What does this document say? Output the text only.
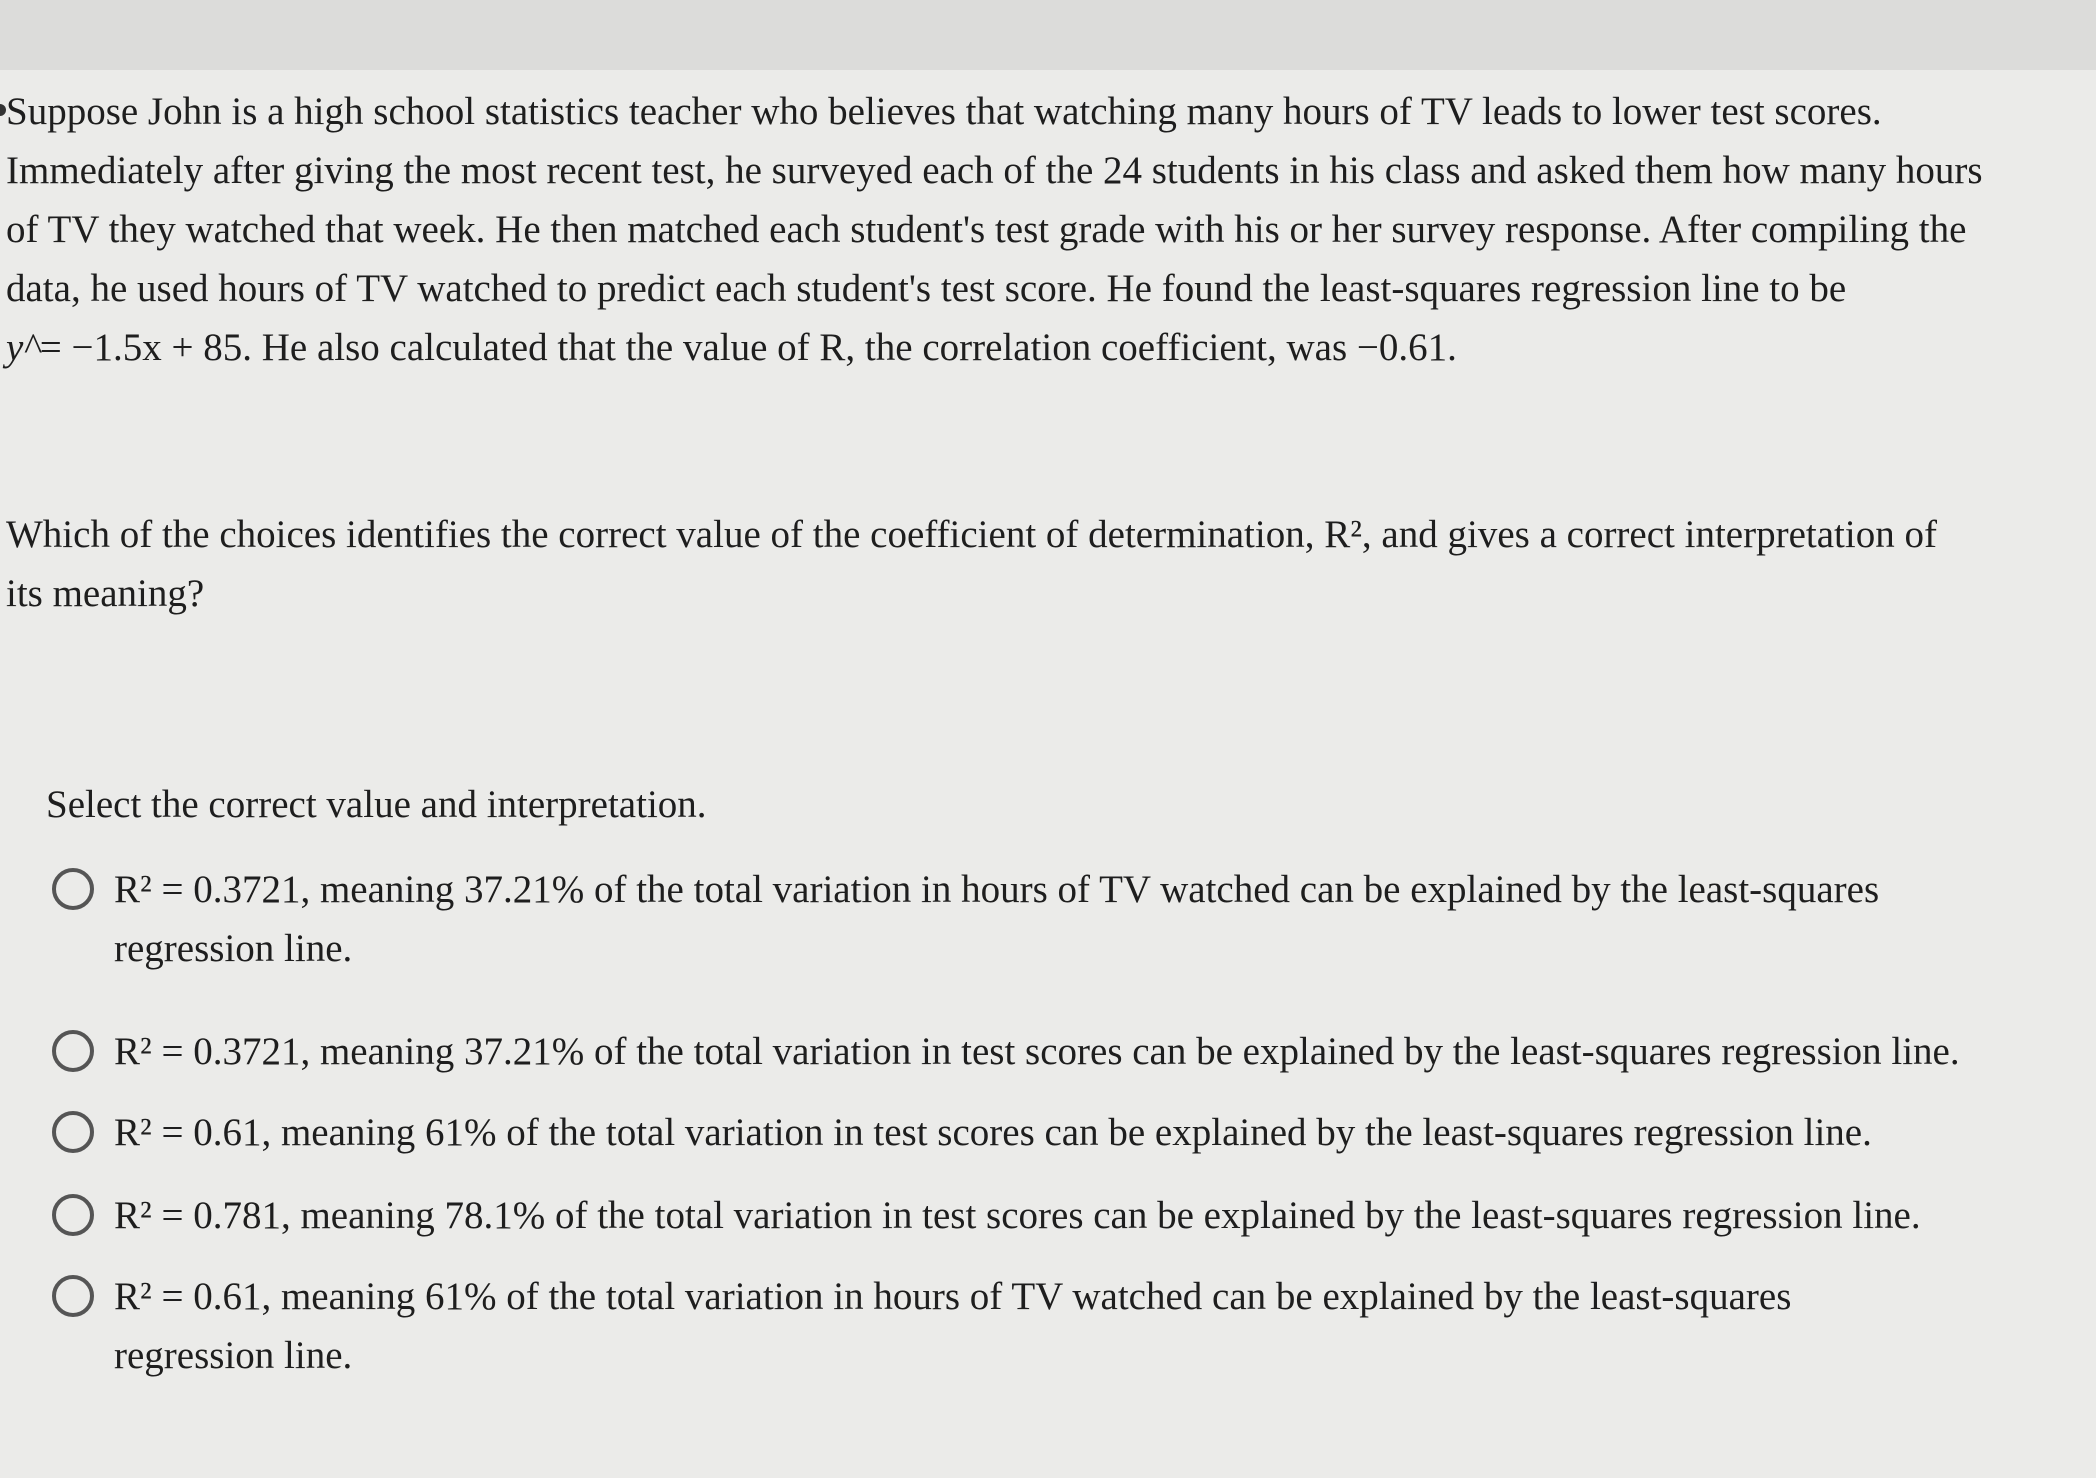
Suppose John is a high school statistics teacher who believes that watching many hours of TV leads to lower test scores.
Immediately after giving the most recent test, he surveyed each of the 24 students in his class and asked them how many hours
of TV they watched that week. He then matched each student's test grade with his or her survey response. After compiling the
data, he used hours of TV watched to predict each student's test score. He found the least-squares regression line to be
y^= −1.5x + 85. He also calculated that the value of R, the correlation coefficient, was −0.61.

Which of the choices identifies the correct value of the coefficient of determination, R², and gives a correct interpretation of
its meaning?

Select the correct value and interpretation.

R² = 0.3721, meaning 37.21% of the total variation in hours of TV watched can be explained by the least-squares
regression line.
R² = 0.3721, meaning 37.21% of the total variation in test scores can be explained by the least-squares regression line.
R² = 0.61, meaning 61% of the total variation in test scores can be explained by the least-squares regression line.
R² = 0.781, meaning 78.1% of the total variation in test scores can be explained by the least-squares regression line.
R² = 0.61, meaning 61% of the total variation in hours of TV watched can be explained by the least-squares
regression line.
